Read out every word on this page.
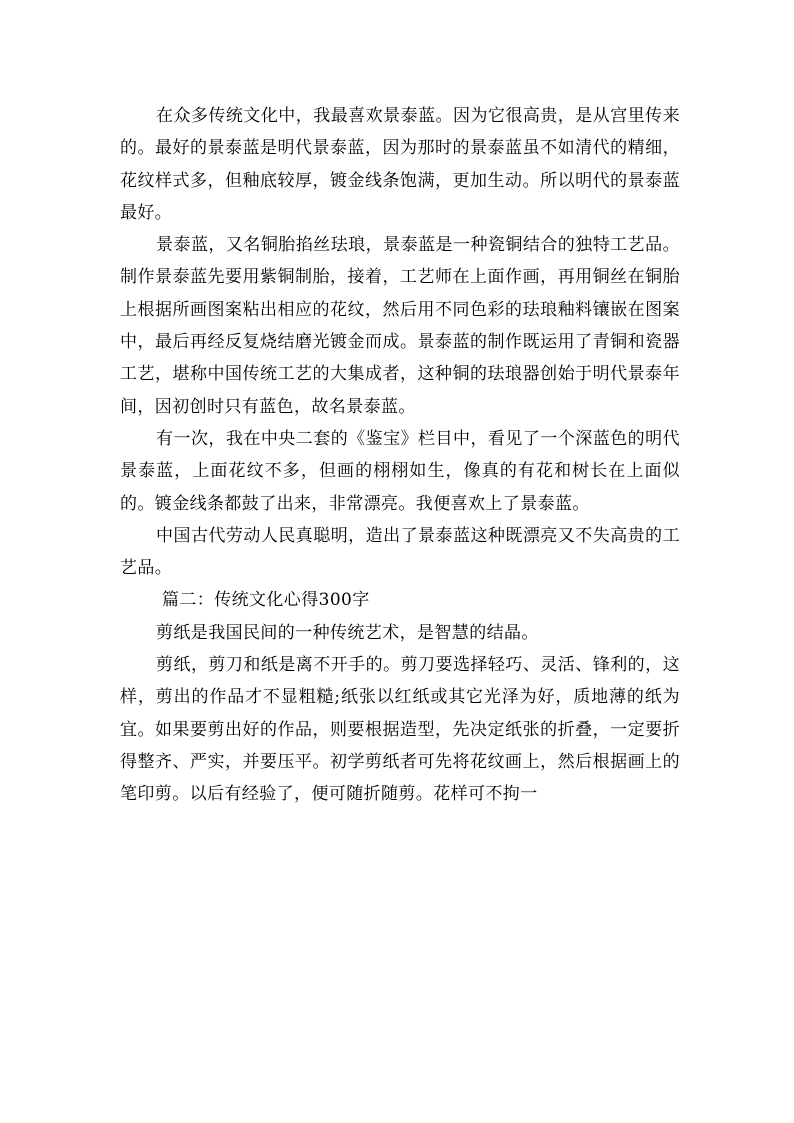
在众多传统文化中，我最喜欢景泰蓝。因为它很高贵，是从宫里传来的。最好的景泰蓝是明代景泰蓝，因为那时的景泰蓝虽不如清代的精细，花纹样式多，但釉底较厚，镀金线条饱满，更加生动。所以明代的景泰蓝最好。

景泰蓝，又名铜胎掐丝珐琅，景泰蓝是一种瓷铜结合的独特工艺品。制作景泰蓝先要用紫铜制胎，接着，工艺师在上面作画，再用铜丝在铜胎上根据所画图案粘出相应的花纹，然后用不同色彩的珐琅釉料镶嵌在图案中，最后再经反复烧结磨光镀金而成。景泰蓝的制作既运用了青铜和瓷器工艺，堪称中国传统工艺的大集成者，这种铜的珐琅器创始于明代景泰年间，因初创时只有蓝色，故名景泰蓝。

有一次，我在中央二套的《鉴宝》栏目中，看见了一个深蓝色的明代景泰蓝，上面花纹不多，但画的栩栩如生，像真的有花和树长在上面似的。镀金线条都鼓了出来，非常漂亮。我便喜欢上了景泰蓝。

中国古代劳动人民真聪明，造出了景泰蓝这种既漂亮又不失高贵的工艺品。

篇二：传统文化心得300字

剪纸是我国民间的一种传统艺术，是智慧的结晶。

剪纸，剪刀和纸是离不开手的。剪刀要选择轻巧、灵活、锋利的，这样，剪出的作品才不显粗糙;纸张以红纸或其它光泽为好，质地薄的纸为宜。如果要剪出好的作品，则要根据造型，先决定纸张的折叠，一定要折得整齐、严实，并要压平。初学剪纸者可先将花纹画上，然后根据画上的笔印剪。以后有经验了，便可随折随剪。花样可不拘一
